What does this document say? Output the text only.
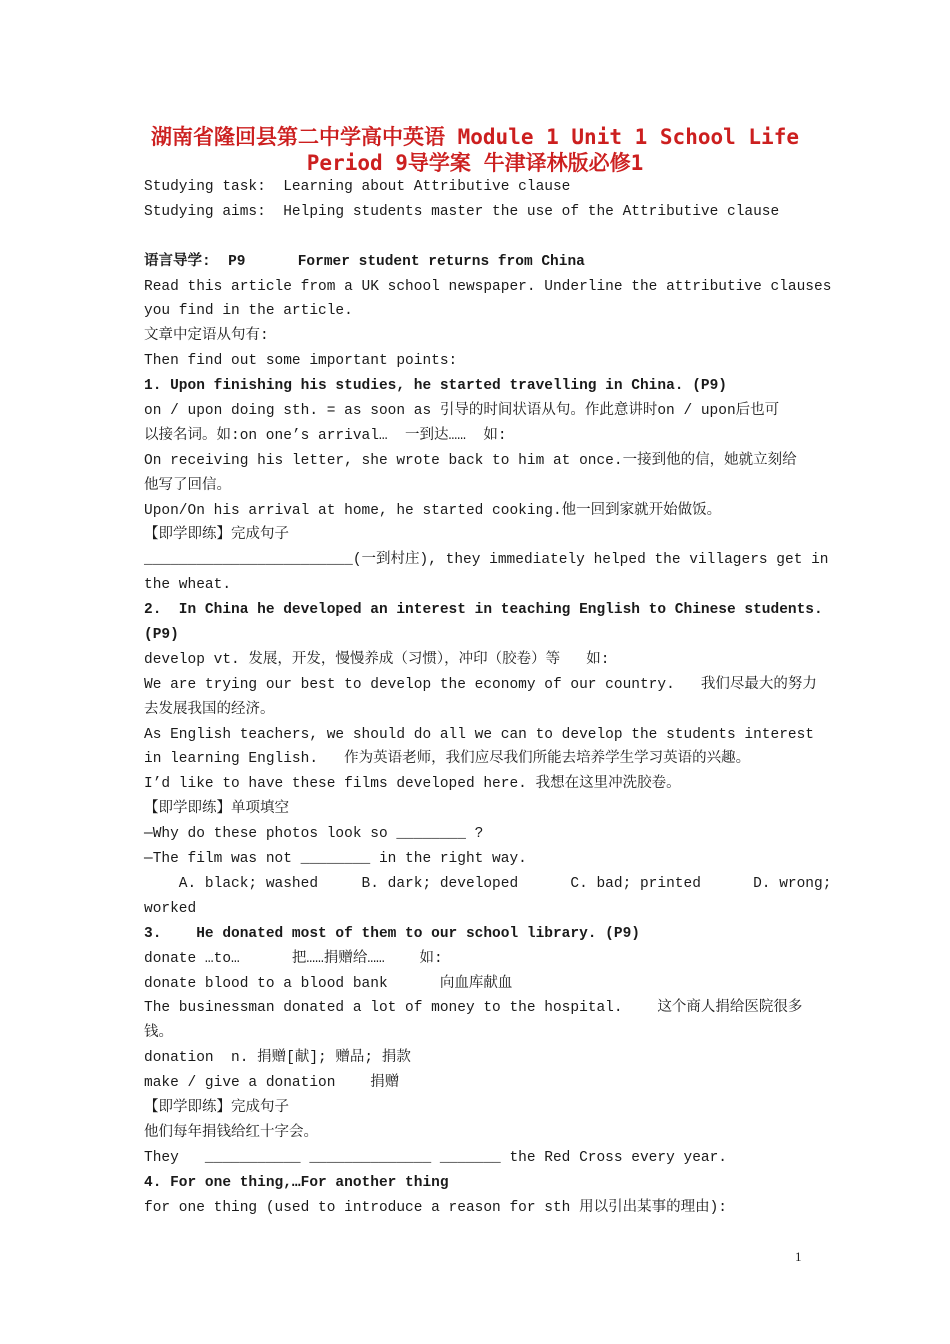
湖南省隆回县第二中学高中英语 Module 1 Unit 1 School Life
Period 9导学案 牛津译林版必修1
Studying task:  Learning about Attributive clause
Studying aims:  Helping students master the use of the Attributive clause
语言导学:  P9      Former student returns from China
Read this article from a UK school newspaper. Underline the attributive clauses
you find in the article.
文章中定语从句有:
Then find out some important points:
1. Upon finishing his studies, he started travelling in China. (P9)
on / upon doing sth. = as soon as 引导的时间状语从句。作此意讲时on / upon后也可
以接名词。如:on one’s arrival…  一到达……  如:
On receiving his letter, she wrote back to him at once.一接到他的信，她就立刻给
他写了回信。
Upon/On his arrival at home, he started cooking.他一回到家就开始做饭。
【即学即练】完成句子
________________________(一到村庄), they immediately helped the villagers get in
the wheat.
2.  In China he developed an interest in teaching English to Chinese students.
(P9)
develop vt. 发展，开发，慢慢养成（习惯），冲印（胶卷）等   如:
We are trying our best to develop the economy of our country.   我们尽最大的努力
去发展我国的经济。
As English teachers, we should do all we can to develop the students interest
in learning English.   作为英语老师，我们应尽我们所能去培养学生学习英语的兴趣。
I’d like to have these films developed here. 我想在这里冲洗胶卷。
【即学即练】单项填空
—Why do these photos look so ________ ?
—The film was not ________ in the right way.
A. black; washed     B. dark; developed      C. bad; printed      D. wrong;
worked
3.    He donated most of them to our school library. (P9)
donate …to…      把……捐赠给……    如:
donate blood to a blood bank      向血库献血
The businessman donated a lot of money to the hospital.    这个商人捐给医院很多
钱。
donation  n. 捐赠[献]; 赠品; 捐款
make / give a donation    捐赠
【即学即练】完成句子
他们每年捐钱给红十字会。
They   ___________ ______________ _______ the Red Cross every year.
4. For one thing,…For another thing
for one thing (used to introduce a reason for sth 用以引出某事的理由):
1
